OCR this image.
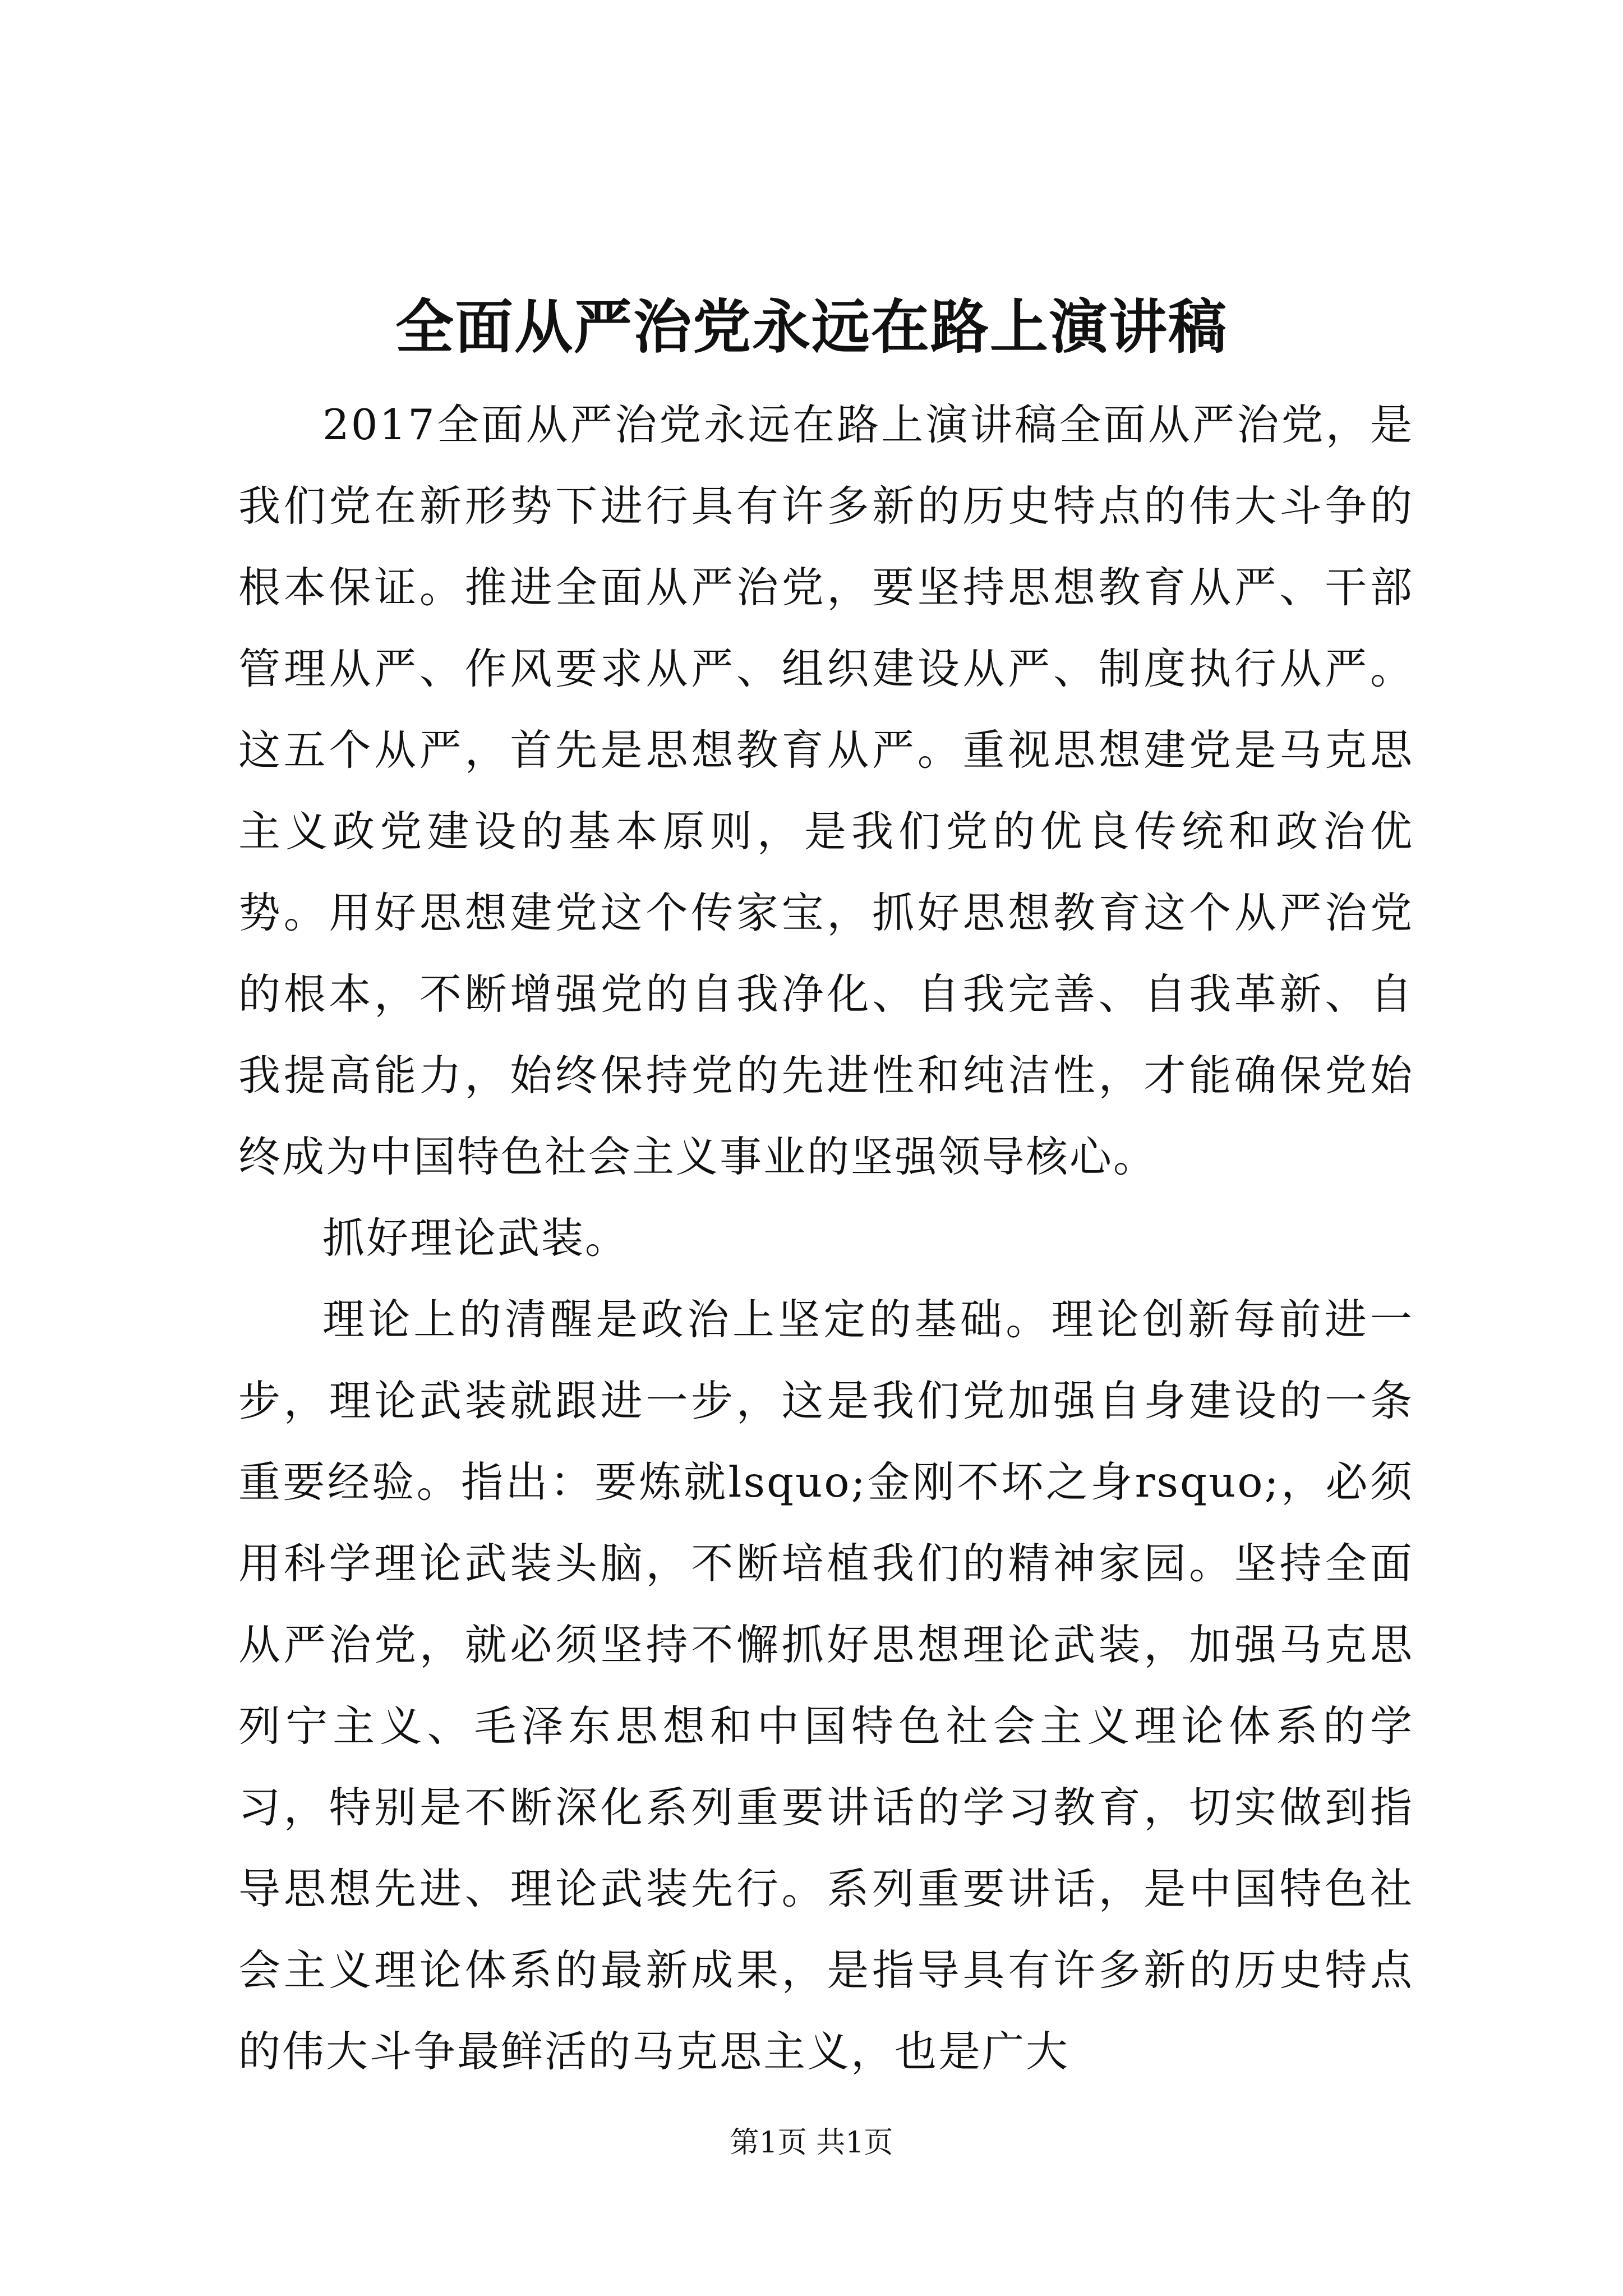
全面从严治党永远在路上演讲稿

2017全面从严治党永远在路上演讲稿全面从严治党，是我们党在新形势下进行具有许多新的历史特点的伟大斗争的根本保证。推进全面从严治党，要坚持思想教育从严、干部管理从严、作风要求从严、组织建设从严、制度执行从严。这五个从严，首先是思想教育从严。重视思想建党是马克思主义政党建设的基本原则，是我们党的优良传统和政治优势。用好思想建党这个传家宝，抓好思想教育这个从严治党的根本，不断增强党的自我净化、自我完善、自我革新、自我提高能力，始终保持党的先进性和纯洁性，才能确保党始终成为中国特色社会主义事业的坚强领导核心。

抓好理论武装。

理论上的清醒是政治上坚定的基础。理论创新每前进一步，理论武装就跟进一步，这是我们党加强自身建设的一条重要经验。指出：要炼就lsquo;金刚不坏之身rsquo;，必须用科学理论武装头脑，不断培植我们的精神家园。坚持全面从严治党，就必须坚持不懈抓好思想理论武装，加强马克思列宁主义、毛泽东思想和中国特色社会主义理论体系的学习，特别是不断深化系列重要讲话的学习教育，切实做到指导思想先进、理论武装先行。系列重要讲话，是中国特色社会主义理论体系的最新成果，是指导具有许多新的历史特点的伟大斗争最鲜活的马克思主义，也是广大

第1页 共1页
